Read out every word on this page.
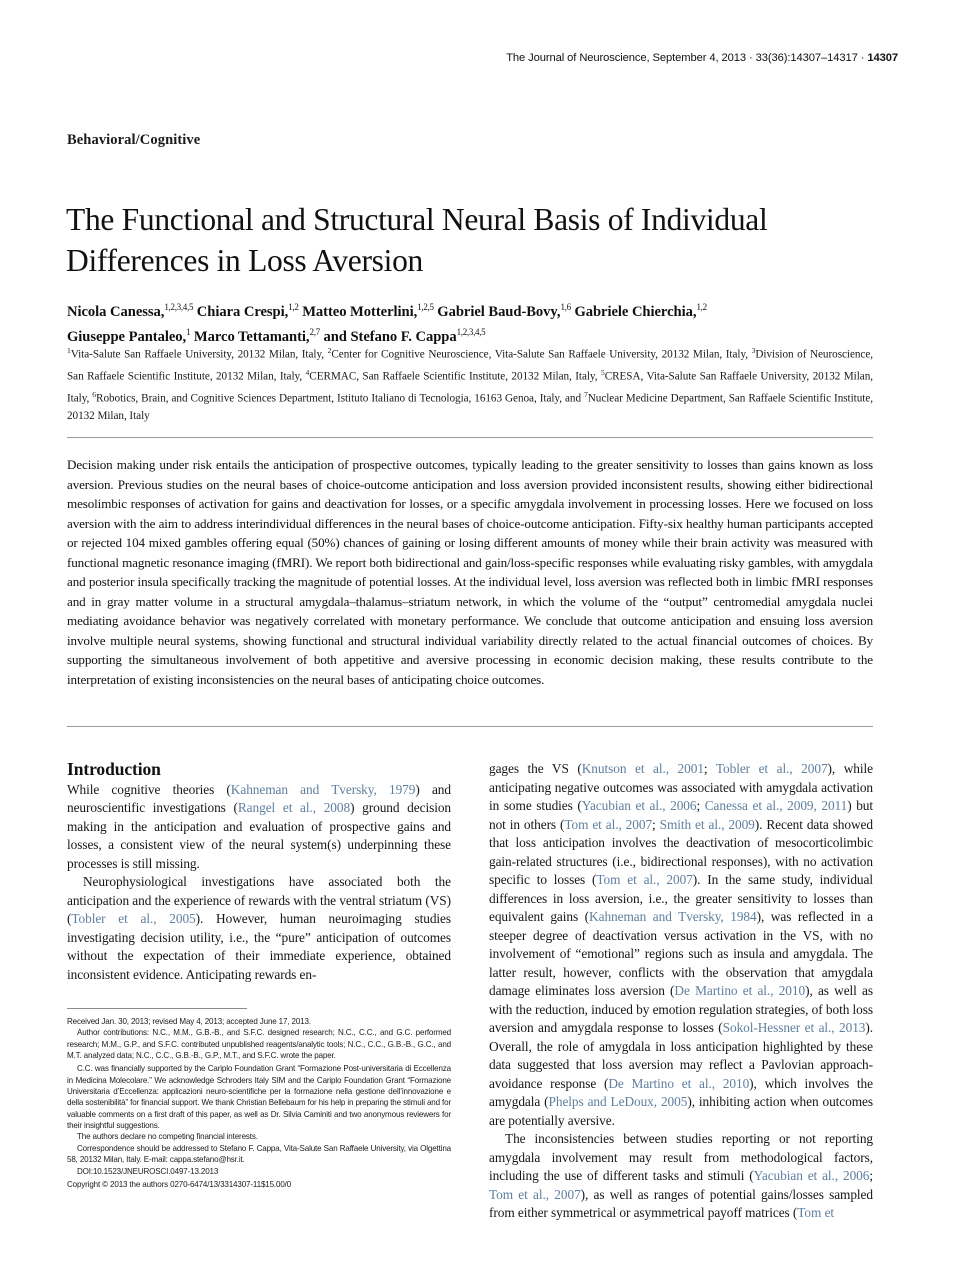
The Journal of Neuroscience, September 4, 2013 · 33(36):14307–14317 · 14307
Behavioral/Cognitive
The Functional and Structural Neural Basis of Individual Differences in Loss Aversion
Nicola Canessa,$^{1,2,3,4,5}$ Chiara Crespi,$^{1,2}$ Matteo Motterlini,$^{1,2,5}$ Gabriel Baud-Bovy,$^{1,6}$ Gabriele Chierchia,$^{1,2}$
Giuseppe Pantaleo,$^1$ Marco Tettamanti,$^{2,7}$ and Stefano F. Cappa$^{1,2,3,4,5}$
$^1$Vita-Salute San Raffaele University, 20132 Milan, Italy, $^2$Center for Cognitive Neuroscience, Vita-Salute San Raffaele University, 20132 Milan, Italy, $^3$Division of Neuroscience, San Raffaele Scientific Institute, 20132 Milan, Italy, $^4$CERMAC, San Raffaele Scientific Institute, 20132 Milan, Italy, $^5$CRESA, Vita-Salute San Raffaele University, 20132 Milan, Italy, $^6$Robotics, Brain, and Cognitive Sciences Department, Istituto Italiano di Tecnologia, 16163 Genoa, Italy, and $^7$Nuclear Medicine Department, San Raffaele Scientific Institute, 20132 Milan, Italy
Decision making under risk entails the anticipation of prospective outcomes, typically leading to the greater sensitivity to losses than gains known as loss aversion. Previous studies on the neural bases of choice-outcome anticipation and loss aversion provided inconsistent results, showing either bidirectional mesolimbic responses of activation for gains and deactivation for losses, or a specific amygdala involvement in processing losses. Here we focused on loss aversion with the aim to address interindividual differences in the neural bases of choice-outcome anticipation. Fifty-six healthy human participants accepted or rejected 104 mixed gambles offering equal (50%) chances of gaining or losing different amounts of money while their brain activity was measured with functional magnetic resonance imaging (fMRI). We report both bidirectional and gain/loss-specific responses while evaluating risky gambles, with amygdala and posterior insula specifically tracking the magnitude of potential losses. At the individual level, loss aversion was reflected both in limbic fMRI responses and in gray matter volume in a structural amygdala–thalamus–striatum network, in which the volume of the “output” centromedial amygdala nuclei mediating avoidance behavior was negatively correlated with monetary performance. We conclude that outcome anticipation and ensuing loss aversion involve multiple neural systems, showing functional and structural individual variability directly related to the actual financial outcomes of choices. By supporting the simultaneous involvement of both appetitive and aversive processing in economic decision making, these results contribute to the interpretation of existing inconsistencies on the neural bases of anticipating choice outcomes.
Introduction

While cognitive theories (Kahneman and Tversky, 1979) and neuroscientific investigations (Rangel et al., 2008) ground decision making in the anticipation and evaluation of prospective gains and losses, a consistent view of the neural system(s) underpinning these processes is still missing.

Neurophysiological investigations have associated both the anticipation and the experience of rewards with the ventral striatum (VS) (Tobler et al., 2005). However, human neuroimaging studies investigating decision utility, i.e., the “pure” anticipation of outcomes without the expectation of their immediate experience, obtained inconsistent evidence. Anticipating rewards en-

gages the VS (Knutson et al., 2001; Tobler et al., 2007), while anticipating negative outcomes was associated with amygdala activation in some studies (Yacubian et al., 2006; Canessa et al., 2009, 2011) but not in others (Tom et al., 2007; Smith et al., 2009). Recent data showed that loss anticipation involves the deactivation of mesocorticolimbic gain-related structures (i.e., bidirectional responses), with no activation specific to losses (Tom et al., 2007). In the same study, individual differences in loss aversion, i.e., the greater sensitivity to losses than equivalent gains (Kahneman and Tversky, 1984), was reflected in a steeper degree of deactivation versus activation in the VS, with no involvement of “emotional” regions such as insula and amygdala. The latter result, however, conflicts with the observation that amygdala damage eliminates loss aversion (De Martino et al., 2010), as well as with the reduction, induced by emotion regulation strategies, of both loss aversion and amygdala response to losses (Sokol-Hessner et al., 2013). Overall, the role of amygdala in loss anticipation highlighted by these data suggested that loss aversion may reflect a Pavlovian approach-avoidance response (De Martino et al., 2010), which involves the amygdala (Phelps and LeDoux, 2005), inhibiting action when outcomes are potentially aversive.

The inconsistencies between studies reporting or not reporting amygdala involvement may result from methodological factors, including the use of different tasks and stimuli (Yacubian et al., 2006; Tom et al., 2007), as well as ranges of potential gains/losses sampled from either symmetrical or asymmetrical payoff matrices (Tom et

Received Jan. 30, 2013; revised May 4, 2013; accepted June 17, 2013.

Author contributions: N.C., M.M., G.B.-B., and S.F.C. designed research; N.C., C.C., and G.C. performed research; M.M., G.P., and S.F.C. contributed unpublished reagents/analytic tools; N.C., C.C., G.B.-B., G.C., and M.T. analyzed data; N.C., C.C., G.B.-B., G.P., M.T., and S.F.C. wrote the paper.

C.C. was financially supported by the Cariplo Foundation Grant “Formazione Post-universitaria di Eccellenza in Medicina Molecolare.” We acknowledge Schroders Italy SIM and the Cariplo Foundation Grant “Formazione Universitaria d’Eccellenza: applicazioni neuro-scientifiche per la formazione nella gestione dell’innovazione e della sostenibilità” for financial support. We thank Christian Bellebaum for his help in preparing the stimuli and for valuable comments on a first draft of this paper, as well as Dr. Silvia Caminiti and two anonymous reviewers for their insightful suggestions.

The authors declare no competing financial interests.

Correspondence should be addressed to Stefano F. Cappa, Vita-Salute San Raffaele University, via Olgettina 58, 20132 Milan, Italy. E-mail: cappa.stefano@hsr.it.

DOI:10.1523/JNEUROSCI.0497-13.2013

Copyright © 2013 the authors 0270-6474/13/3314307-11$15.00/0
